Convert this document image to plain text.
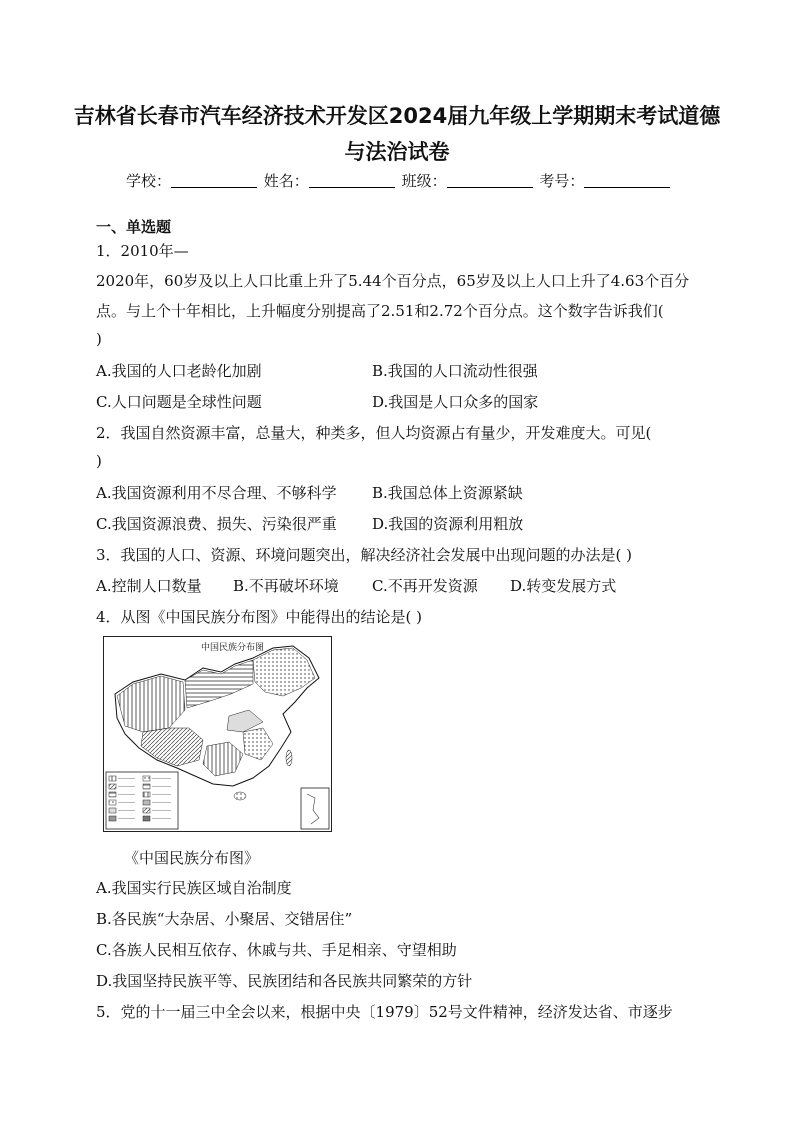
吉林省长春市汽车经济技术开发区2024届九年级上学期期末考试道德
与法治试卷
学校：	姓名：	班级：	考号：
一、单选题
1．2010年—
2020年，60岁及以上人口比重上升了5.44个百分点，65岁及以上人口上升了4.63个百分
点。与上个十年相比，上升幅度分别提高了2.51和2.72个百分点。这个数字告诉我们(
)
A.我国的人口老龄化加剧	B.我国的人口流动性很强
C.人口问题是全球性问题	D.我国是人口众多的国家
2．我国自然资源丰富，总量大，种类多，但人均资源占有量少，开发难度大。可见(
)
A.我国资源利用不尽合理、不够科学 B.我国总体上资源紧缺
C.我国资源浪费、损失、污染很严重 D.我国的资源利用粗放
3．我国的人口、资源、环境问题突出，解决经济社会发展中出现问题的办法是( )
A.控制人口数量 B.不再破坏环境 C.不再开发资源 D.转变发展方式
4．从图《中国民族分布图》中能得出的结论是( )
中国民族分布图
《中国民族分布图》
A.我国实行民族区域自治制度
B.各民族“大杂居、小聚居、交错居住”
C.各族人民相互依存、休戚与共、手足相亲、守望相助
D.我国坚持民族平等、民族团结和各民族共同繁荣的方针
5．党的十一届三中全会以来，根据中央〔1979〕52号文件精神，经济发达省、市逐步
